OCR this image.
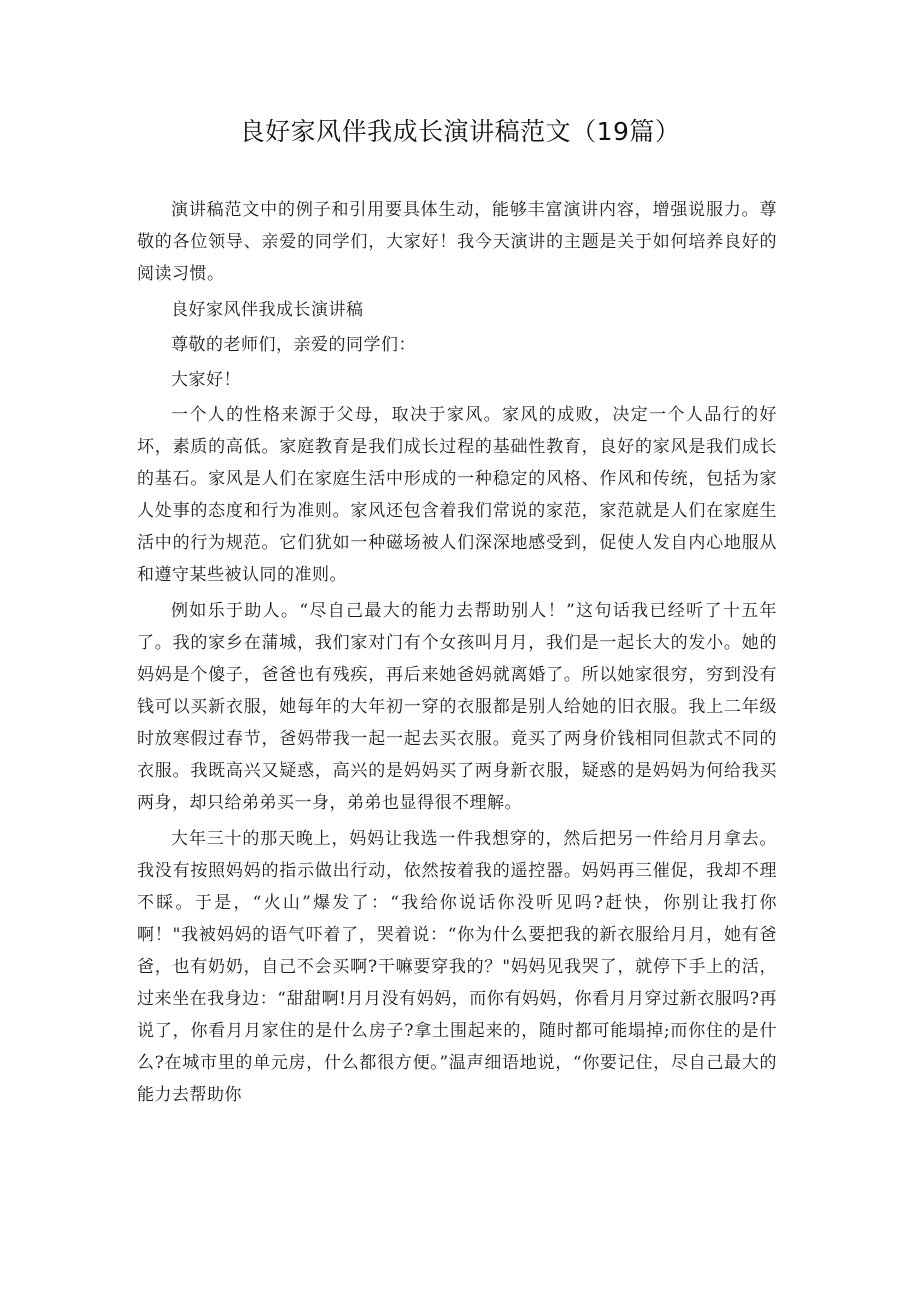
良好家风伴我成长演讲稿范文（19篇）

演讲稿范文中的例子和引用要具体生动，能够丰富演讲内容，增强说服力。尊敬的各位领导、亲爱的同学们，大家好！我今天演讲的主题是关于如何培养良好的阅读习惯。

良好家风伴我成长演讲稿

尊敬的老师们，亲爱的同学们：

大家好！

一个人的性格来源于父母，取决于家风。家风的成败，决定一个人品行的好坏，素质的高低。家庭教育是我们成长过程的基础性教育，良好的家风是我们成长的基石。家风是人们在家庭生活中形成的一种稳定的风格、作风和传统，包括为家人处事的态度和行为准则。家风还包含着我们常说的家范，家范就是人们在家庭生活中的行为规范。它们犹如一种磁场被人们深深地感受到，促使人发自内心地服从和遵守某些被认同的准则。

例如乐于助人。“尽自己最大的能力去帮助别人！”这句话我已经听了十五年了。我的家乡在蒲城，我们家对门有个女孩叫月月，我们是一起长大的发小。她的妈妈是个傻子，爸爸也有残疾，再后来她爸妈就离婚了。所以她家很穷，穷到没有钱可以买新衣服，她每年的大年初一穿的衣服都是别人给她的旧衣服。我上二年级时放寒假过春节，爸妈带我一起一起去买衣服。竟买了两身价钱相同但款式不同的衣服。我既高兴又疑惑，高兴的是妈妈买了两身新衣服，疑惑的是妈妈为何给我买两身，却只给弟弟买一身，弟弟也显得很不理解。

大年三十的那天晚上，妈妈让我选一件我想穿的，然后把另一件给月月拿去。我没有按照妈妈的指示做出行动，依然按着我的遥控器。妈妈再三催促，我却不理不睬。于是，“火山”爆发了：“我给你说话你没听见吗?赶快，你别让我打你啊！"我被妈妈的语气吓着了，哭着说：“你为什么要把我的新衣服给月月，她有爸爸，也有奶奶，自己不会买啊?干嘛要穿我的？"妈妈见我哭了，就停下手上的活，过来坐在我身边：“甜甜啊!月月没有妈妈，而你有妈妈，你看月月穿过新衣服吗?再说了，你看月月家住的是什么房子?拿土围起来的，随时都可能塌掉;而你住的是什么?在城市里的单元房，什么都很方便。”温声细语地说，“你要记住，尽自己最大的能力去帮助你
